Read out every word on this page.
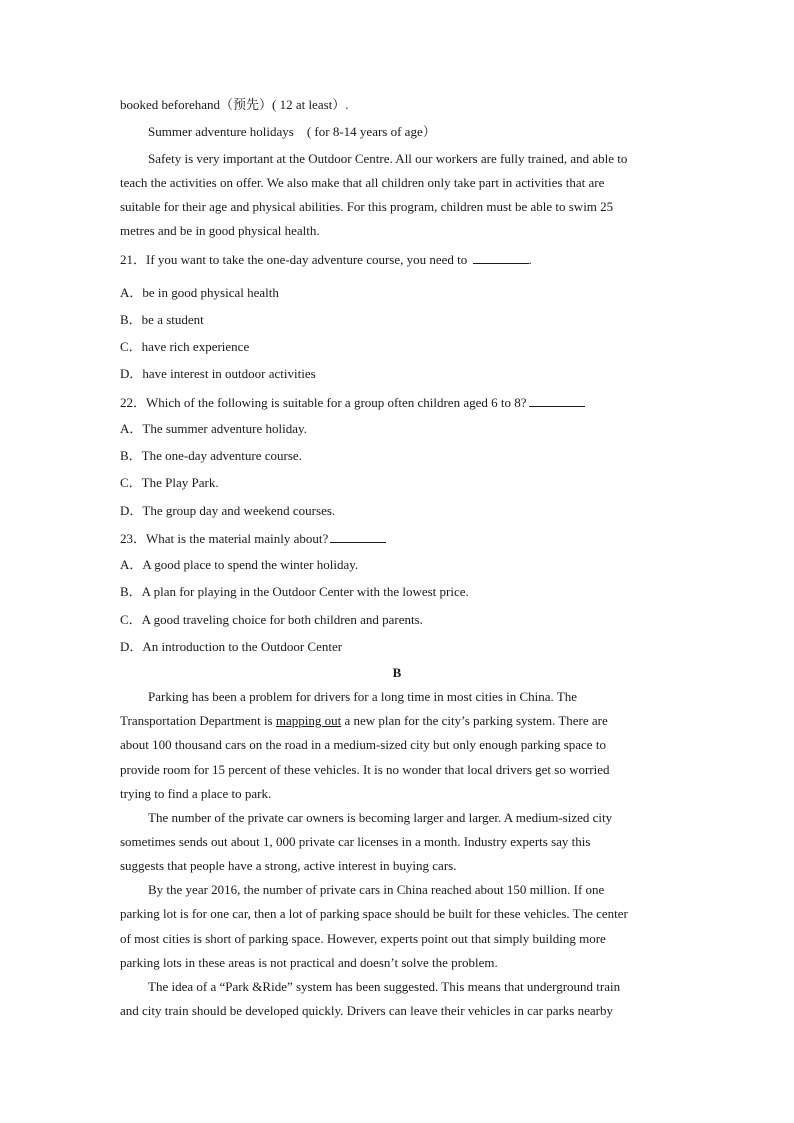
booked beforehand（预先）( 12 at least）.
Summer adventure holidays　( for 8-14 years of age）
Safety is very important at the Outdoor Centre. All our workers are fully trained, and able to
teach the activities on offer. We also make that all children only take part in activities that are
suitable for their age and physical abilities. For this program, children must be able to swim 25
metres and be in good physical health.
21．If you want to take the one-day adventure course, you need to	.
A．be in good physical health
B．be a student
C．have rich experience
D．have interest in outdoor activities
22．Which of the following is suitable for a group often children aged 6 to 8?
A．The summer adventure holiday.
B．The one-day adventure course.
C．The Play Park.
D．The group day and weekend courses.
23．What is the material mainly about?
A．A good place to spend the winter holiday.
B．A plan for playing in the Outdoor Center with the lowest price.
C．A good traveling choice for both children and parents.
D．An introduction to the Outdoor Center
B
Parking has been a problem for drivers for a long time in most cities in China. The
Transportation Department is mapping out a new plan for the city’s parking system. There are
about 100 thousand cars on the road in a medium-sized city but only enough parking space to
provide room for 15 percent of these vehicles. It is no wonder that local drivers get so worried
trying to find a place to park.
The number of the private car owners is becoming larger and larger. A medium-sized city
sometimes sends out about 1, 000 private car licenses in a month. Industry experts say this
suggests that people have a strong, active interest in buying cars.
By the year 2016, the number of private cars in China reached about 150 million. If one
parking lot is for one car, then a lot of parking space should be built for these vehicles. The center
of most cities is short of parking space. However, experts point out that simply building more
parking lots in these areas is not practical and doesn’t solve the problem.
The idea of a “Park &Ride” system has been suggested. This means that underground train
and city train should be developed quickly. Drivers can leave their vehicles in car parks nearby
